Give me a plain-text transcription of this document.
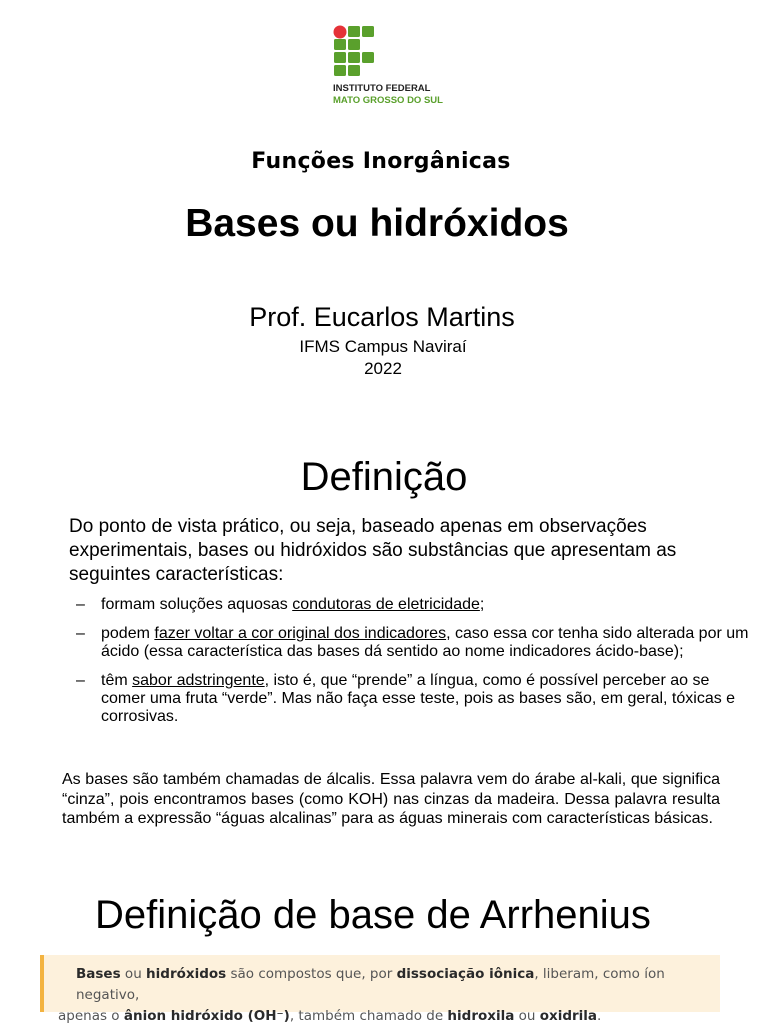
INSTITUTO FEDERAL
MATO GROSSO DO SUL
Funções Inorgânicas
Bases ou hidróxidos
Prof. Eucarlos Martins
IFMS Campus Naviraí
2022
Definição
Do ponto de vista prático, ou seja, baseado apenas em observações experimentais, bases ou hidróxidos são substâncias que apresentam as seguintes características:
– formam soluções aquosas condutoras de eletricidade;
– podem fazer voltar a cor original dos indicadores, caso essa cor tenha sido alterada por um ácido (essa característica das bases dá sentido ao nome indicadores ácido-base);
– têm sabor adstringente, isto é, que “prende” a língua, como é possível perceber ao se comer uma fruta “verde”. Mas não faça esse teste, pois as bases são, em geral, tóxicas e corrosivas.
As bases são também chamadas de álcalis. Essa palavra vem do árabe al-kali, que significa “cinza”, pois encontramos bases (como KOH) nas cinzas da madeira. Dessa palavra resulta também a expressão “águas alcalinas” para as águas minerais com características básicas.
Definição de base de Arrhenius
Bases ou hidróxidos são compostos que, por dissociação iônica, liberam, como íon negativo,
apenas o ânion hidróxido (OH⁻), também chamado de hidroxila ou oxidrila.
